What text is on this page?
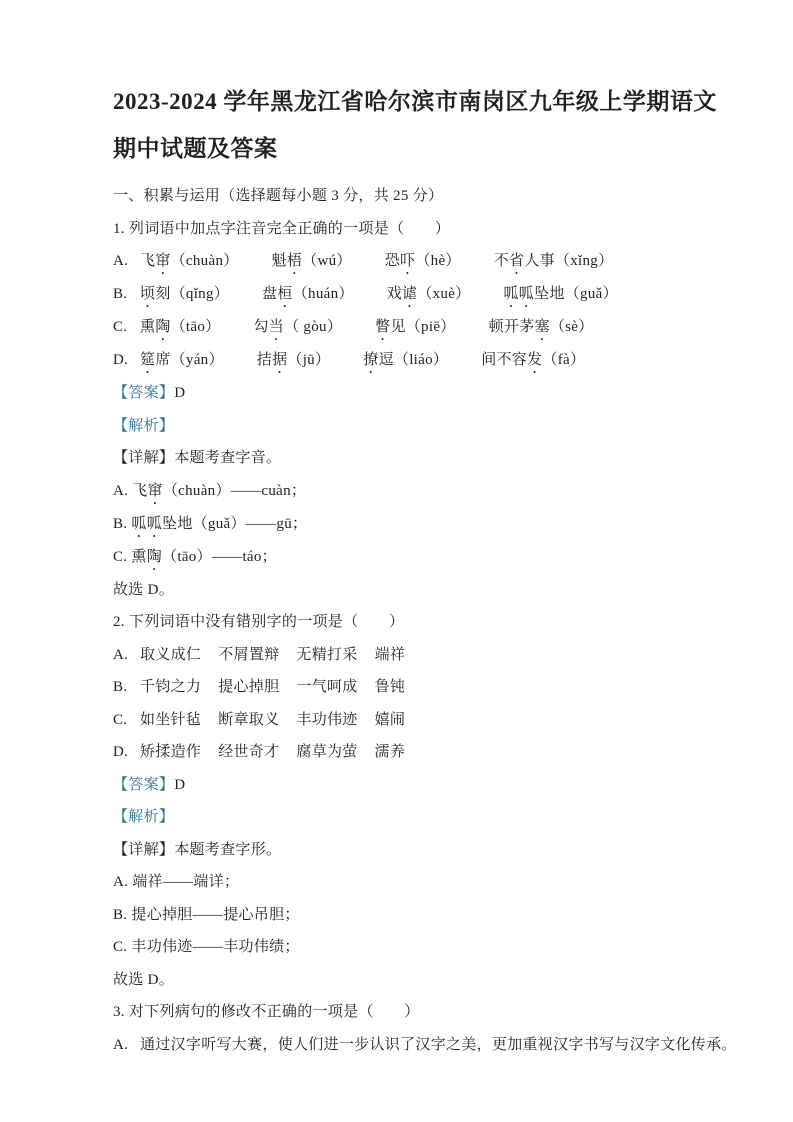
2023-2024 学年黑龙江省哈尔滨市南岗区九年级上学期语文
期中试题及答案

一、积累与运用（选择题每小题 3 分，共 25 分）

1. 列词语中加点字注音完全正确的一项是（　　）

A. 飞窜（chuàn） 魁梧（wú） 恐吓（hè） 不省人事（xǐng）
B. 顷刻（qǐng） 盘桓（huán） 戏谑（xuè） 呱呱坠地（guǎ）
C. 熏陶（tāo） 勾当（ gòu） 瞥见（piē） 顿开茅塞（sè）
D. 筵席（yán） 拮据（jū） 撩逗（liáo） 间不容发（fà）

【答案】D

【解析】

【详解】本题考查字音。

A. 飞窜（chuàn）——cuàn；

B. 呱呱坠地（guǎ）——gū；

C. 熏陶（tāo）——táo；

故选 D。

2. 下列词语中没有错别字的一项是（　　）

A. 取义成仁 不屑置辩 无精打采 端祥
B. 千钧之力 提心掉胆 一气呵成 鲁钝
C. 如坐针毡 断章取义 丰功伟迹 嬉闹
D. 矫揉造作 经世奇才 腐草为萤 濡养

【答案】D

【解析】

【详解】本题考查字形。

A. 端祥——端详；

B. 提心掉胆——提心吊胆；

C. 丰功伟迹——丰功伟绩；

故选 D。

3. 对下列病句的修改不正确的一项是（　　）

A. 通过汉字听写大赛，使人们进一步认识了汉字之美，更加重视汉字书写与汉字文化传承。
